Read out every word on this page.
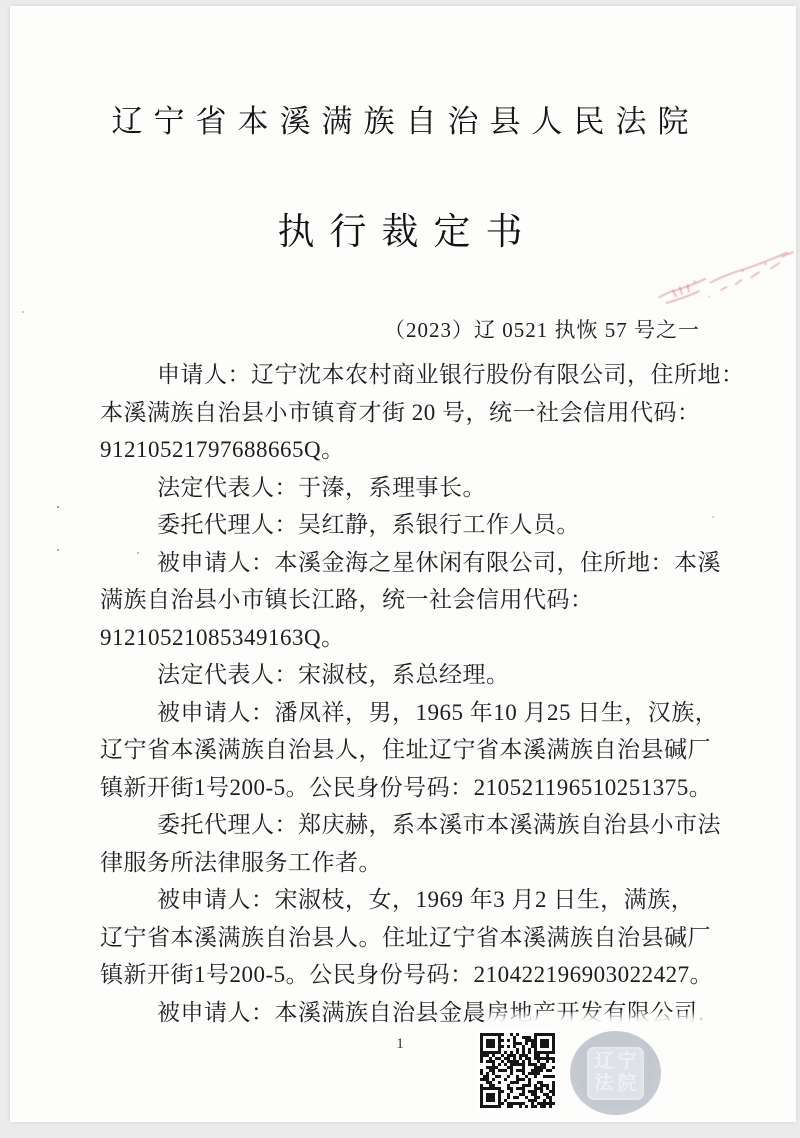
辽宁省本溪满族自治县人民法院
执行裁定书
（2023）辽 0521 执恢 57 号之一
申请人：辽宁沈本农村商业银行股份有限公司，住所地：
本溪满族自治县小市镇育才街 20 号，统一社会信用代码：
91210521797688665Q。
法定代表人：于溱，系理事长。
委托代理人：吴红静，系银行工作人员。
被申请人：本溪金海之星休闲有限公司，住所地：本溪
满族自治县小市镇长江路，统一社会信用代码：
91210521085349163Q。
法定代表人：宋淑枝，系总经理。
被申请人：潘凤祥，男，1965 年10 月25 日生，汉族，
辽宁省本溪满族自治县人，住址辽宁省本溪满族自治县碱厂
镇新开街1号200-5。公民身份号码：210521196510251375。
委托代理人：郑庆赫，系本溪市本溪满族自治县小市法
律服务所法律服务工作者。
被申请人：宋淑枝，女，1969 年3 月2 日生，满族，
辽宁省本溪满族自治县人。住址辽宁省本溪满族自治县碱厂
镇新开街1号200-5。公民身份号码：210422196903022427。
被申请人：本溪满族自治县金晨房地产开发有限公司，
1
辽宁
法院
